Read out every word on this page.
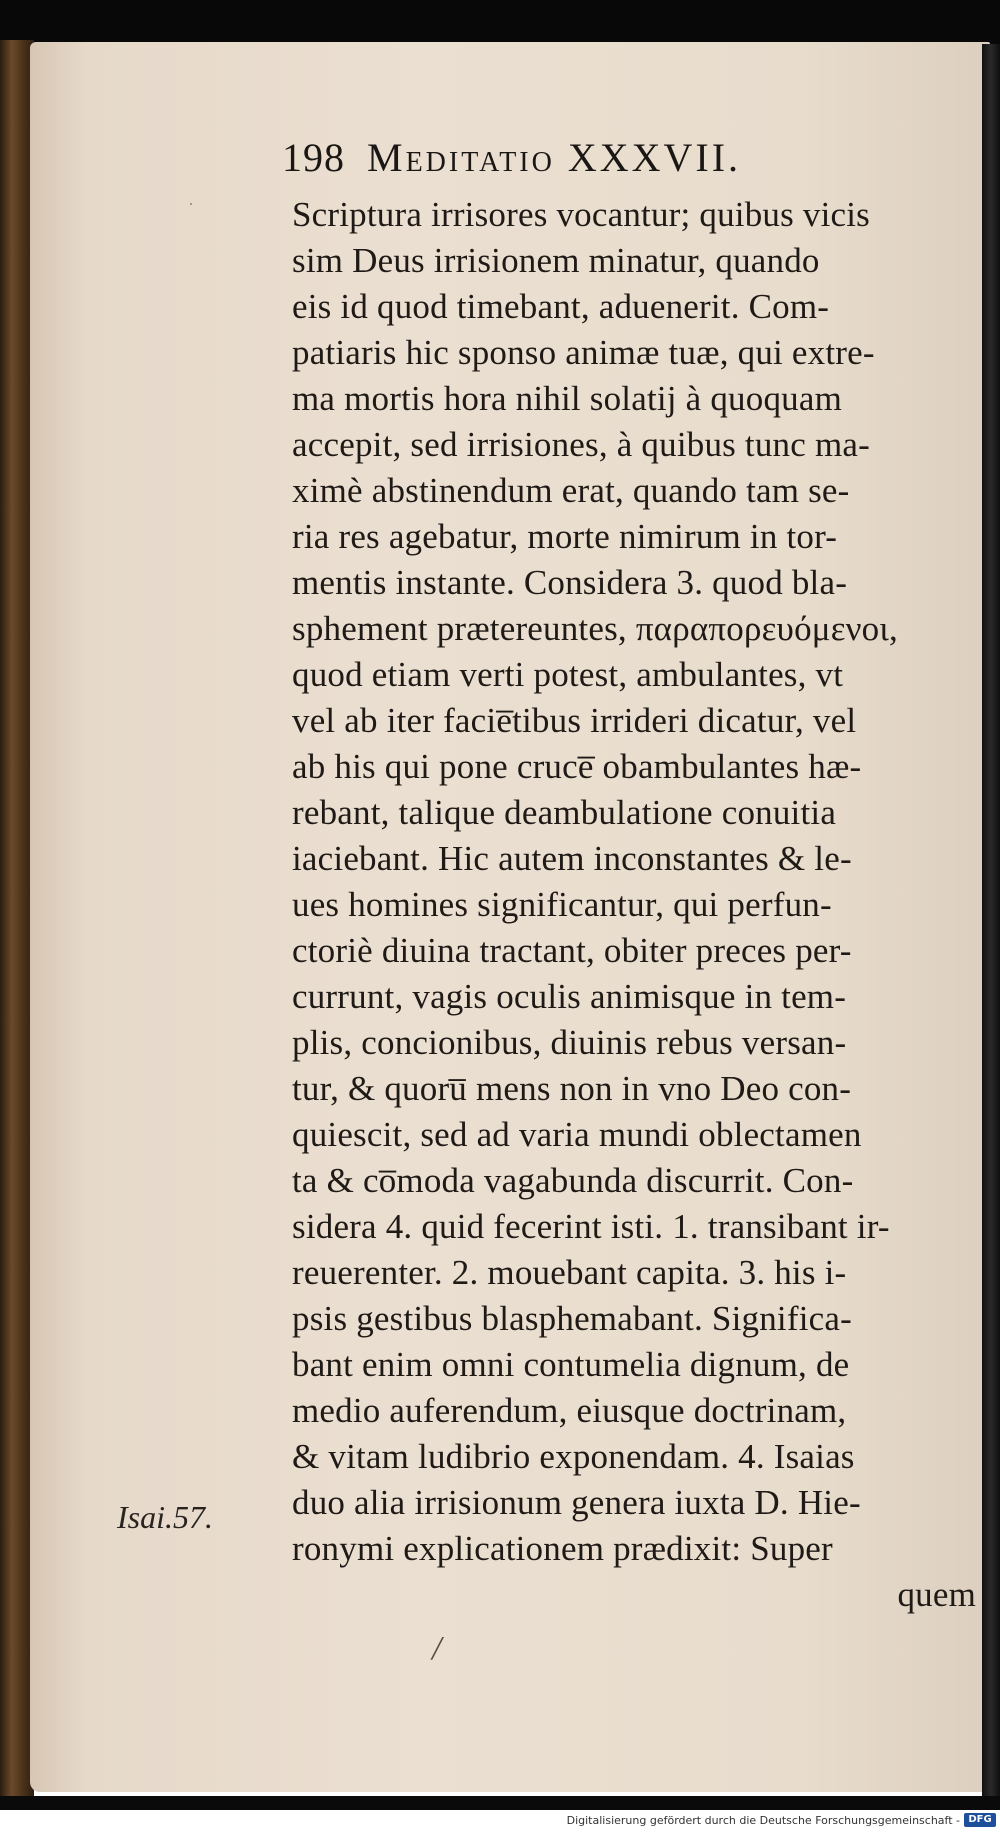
198 Meditatio XXXVII.
·	Scriptura irrisores vocantur; quibus vicis
sim Deus irrisionem minatur, quando
eis id quod timebant, aduenerit. Com-
patiaris hic sponso animæ tuæ, qui extre-
ma mortis hora nihil solatij à quoquam
accepit, sed irrisiones, à quibus tunc ma-
ximè abstinendum erat, quando tam se-
ria res agebatur, morte nimirum in tor-
mentis instante. Considera 3. quod bla-
sphement prætereuntes, παραπορευόμενοι,
quod etiam verti potest, ambulantes, vt
vel ab iter facie̅tibus irrideri dicatur, vel
ab his qui pone cruce̅ obambulantes hæ-
rebant, talique deambulatione conuitia
iaciebant. Hic autem inconstantes & le-
ues homines significantur, qui perfun-
ctoriè diuina tractant, obiter preces per-
currunt, vagis oculis animisque in tem-
plis, concionibus, diuinis rebus versan-
tur, & quoru̅ mens non in vno Deo con-
quiescit, sed ad varia mundi oblectamen
ta & co̅moda vagabunda discurrit. Con-
sidera 4. quid fecerint isti. 1. transibant ir-
reuerenter. 2. mouebant capita. 3. his i-
psis gestibus blasphemabant. Significa-
bant enim omni contumelia dignum, de
medio auferendum, eiusque doctrinam,
& vitam ludibrio exponendam. 4. Isaias
duo alia irrisionum genera iuxta D. Hie-
ronymi explicationem prædixit: Super
quem
Isai.57.
/
Digitalisierung gefördert durch die Deutsche Forschungsgemeinschaft - DFG
